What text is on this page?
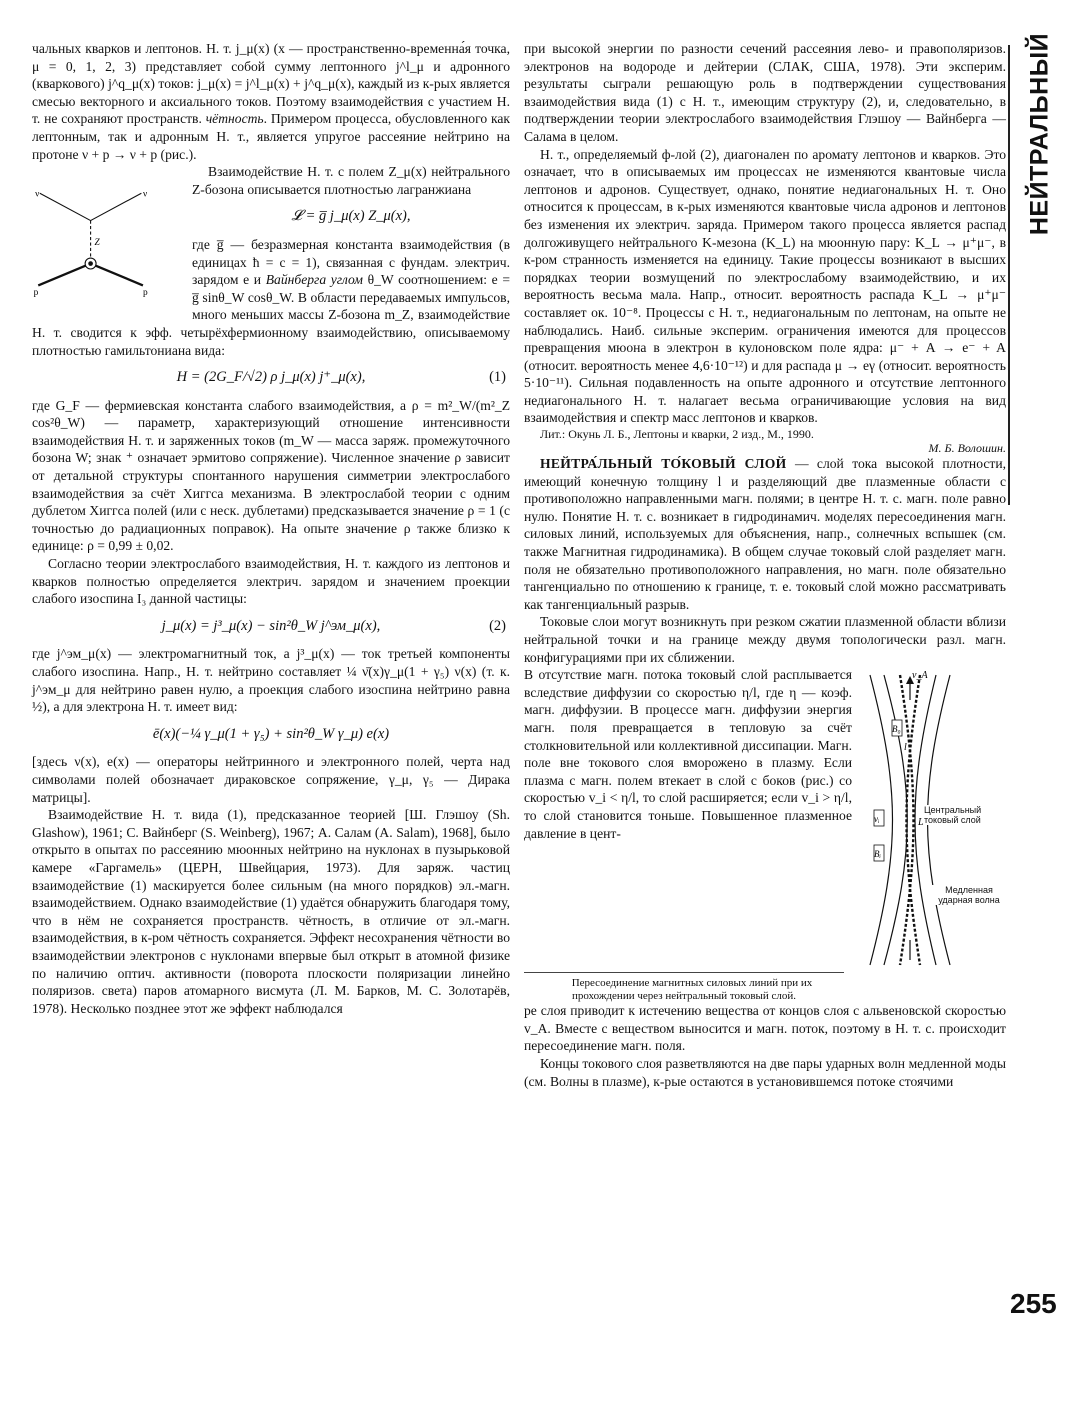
НЕЙТРАЛЬНЫЙ

чальных кварков и лептонов. Н. т. j_μ(x) (x — пространственно-временна́я точка, μ = 0, 1, 2, 3) представляет собой сумму лептонного j^l_μ и адронного (кваркового) j^q_μ(x) токов: j_μ(x) = j^l_μ(x) + j^q_μ(x), каждый из к-рых является смесью векторного и аксиального токов. Поэтому взаимодействия с участием Н. т. не сохраняют пространств. чётность. Примером процесса, обусловленного как лептонным, так и адронным Н. т., является упругое рассеяние нейтрино на протоне ν + p → ν + p (рис.).

ν	ν
Z
p	p

Взаимодействие Н. т. с полем Z_μ(x) нейтрального Z-бозона описывается плотностью лагранжиана

𝓛 = g̅ j_μ(x) Z_μ(x),

где g̅ — безразмерная константа взаимодействия (в единицах ħ = c = 1), связанная с фундам. электрич. зарядом e и Вайнберга углом θ_W соотношением: e = g̅ sinθ_W cosθ_W. В области передаваемых импульсов, много меньших массы Z-бозона m_Z, взаимодействие Н. т. сводится к эфф. четырёхфермионному взаимодействию, описываемому плотностью гамильтониана вида:

H = (2G_F/√2) ρ j_μ(x) j⁺_μ(x),	(1)

где G_F — фермиевская константа слабого взаимодействия, а ρ = m²_W/(m²_Z cos²θ_W) — параметр, характеризующий отношение интенсивности взаимодействия Н. т. и заряженных токов (m_W — масса заряж. промежуточного бозона W; знак ⁺ означает эрмитово сопряжение). Численное значение ρ зависит от детальной структуры спонтанного нарушения симметрии электрослабого взаимодействия за счёт Хиггса механизма. В электрослабой теории с одним дублетом Хиггса полей (или с неск. дублетами) предсказывается значение ρ = 1 (с точностью до радиационных поправок). На опыте значение ρ также близко к единице: ρ = 0,99 ± 0,02.

Согласно теории электрослабого взаимодействия, Н. т. каждого из лептонов и кварков полностью определяется электрич. зарядом и значением проекции слабого изоспина I₃ данной частицы:

j_μ(x) = j³_μ(x) − sin²θ_W j^эм_μ(x),	(2)

где j^эм_μ(x) — электромагнитный ток, а j³_μ(x) — ток третьей компоненты слабого изоспина. Напр., Н. т. нейтрино составляет ¼ ν̄(x)γ_μ(1 + γ₅) ν(x) (т. к. j^эм_μ для нейтрино равен нулю, а проекция слабого изоспина нейтрино равна ½), а для электрона Н. т. имеет вид:

ē(x)(−¼ γ_μ(1 + γ₅) + sin²θ_W γ_μ) e(x)

[здесь ν(x), e(x) — операторы нейтринного и электронного полей, черта над символами полей обозначает дираковское сопряжение, γ_μ, γ₅ — Дирака матрицы].

Взаимодействие Н. т. вида (1), предсказанное теорией [Ш. Глэшоу (Sh. Glashow), 1961; С. Вайнберг (S. Weinberg), 1967; А. Салам (A. Salam), 1968], было открыто в опытах по рассеянию мюонных нейтрино на нуклонах в пузырьковой камере «Гаргамель» (ЦЕРН, Швейцария, 1973). Для заряж. частиц взаимодействие (1) маскируется более сильным (на много порядков) эл.-магн. взаимодействием. Однако взаимодействие (1) удаётся обнаружить благодаря тому, что в нём не сохраняется пространств. чётность, в отличие от эл.-магн. взаимодействия, в к-ром чётность сохраняется. Эффект несохранения чётности во взаимодействии электронов с нуклонами впервые был открыт в атомной физике по наличию оптич. активности (поворота плоскости поляризации линейно поляризов. света) паров атомарного висмута (Л. М. Барков, М. С. Золотарёв, 1978). Несколько позднее этот же эффект наблюдался

при высокой энергии по разности сечений рассеяния лево- и правополяризов. электронов на водороде и дейтерии (СЛАК, США, 1978). Эти эксперим. результаты сыграли решающую роль в подтверждении существования взаимодействия вида (1) с Н. т., имеющим структуру (2), и, следовательно, в подтверждении теории электрослабого взаимодействия Глэшоу — Вайнберга — Салама в целом.

Н. т., определяемый ф-лой (2), диагонален по аромату лептонов и кварков. Это означает, что в описываемых им процессах не изменяются квантовые числа лептонов и адронов. Существует, однако, понятие недиагональных Н. т. Оно относится к процессам, в к-рых изменяются квантовые числа адронов и лептонов без изменения их электрич. заряда. Примером такого процесса является распад долгоживущего нейтрального K-мезона (K_L) на мюонную пару: K_L → μ⁺μ⁻, в к-ром странность изменяется на единицу. Такие процессы возникают в высших порядках теории возмущений по электрослабому взаимодействию, и их вероятность весьма мала. Напр., относит. вероятность распада K_L → μ⁺μ⁻ составляет ок. 10⁻⁸. Процессы с Н. т., недиагональным по лептонам, на опыте не наблюдались. Наиб. сильные эксперим. ограничения имеются для процессов превращения мюона в электрон в кулоновском поле ядра: μ⁻ + A → e⁻ + A (относит. вероятность менее 4,6·10⁻¹²) и для распада μ → eγ (относит. вероятность 5·10⁻¹¹). Сильная подавленность на опыте адронного и отсутствие лептонного недиагонального Н. т. налагает весьма ограничивающие условия на вид взаимодействия и спектр масс лептонов и кварков.

Лит.: Окунь Л. Б., Лептоны и кварки, 2 изд., М., 1990.
М. Б. Волошин.

НЕЙТРА́ЛЬНЫЙ ТО́КОВЫЙ СЛОЙ — слой тока высокой плотности, имеющий конечную толщину l и разделяющий две плазменные области с противоположно направленными магн. полями; в центре Н. т. с. магн. поле равно нулю. Понятие Н. т. с. возникает в гидродинамич. моделях пересоединения магн. силовых линий, используемых для объяснения, напр., солнечных вспышек (см. также Магнитная гидродинамика). В общем случае токовый слой разделяет магн. поля не обязательно противоположного направления, но магн. поле обязательно тангенциально по отношению к границе, т. е. токовый слой можно рассматривать как тангенциальный разрыв.

Токовые слои могут возникнуть при резком сжатии плазменной области вблизи нейтральной точки и на границе между двумя топологически разл. магн. конфигурациями при их сближении.

v_A
B₀
vᵢ
Bᵢ
l
L
Центральный токовый слой
Медленная ударная волна

В отсутствие магн. потока токовый слой расплывается вследствие диффузии со скоростью η/l, где η — коэф. магн. диффузии. В процессе магн. диффузии энергия магн. поля превращается в тепловую за счёт столкновительной или коллективной диссипации. Магн. поле вне токового слоя вморожено в плазму. Если плазма с магн. полем втекает в слой с боков (рис.) со скоростью v_i < η/l, то слой расширяется; если v_i > η/l, то слой становится тоньше. Повышенное плазменное давление в цент-

Пересоединение магнитных силовых линий при их прохождении через нейтральный токовый слой.

ре слоя приводит к истечению вещества от концов слоя с альвеновской скоростью v_A. Вместе с веществом выносится и магн. поток, поэтому в Н. т. с. происходит пересоединение магн. поля.

Концы токового слоя разветвляются на две пары ударных волн медленной моды (см. Волны в плазме), к-рые остаются в установившемся потоке стоячими

255
